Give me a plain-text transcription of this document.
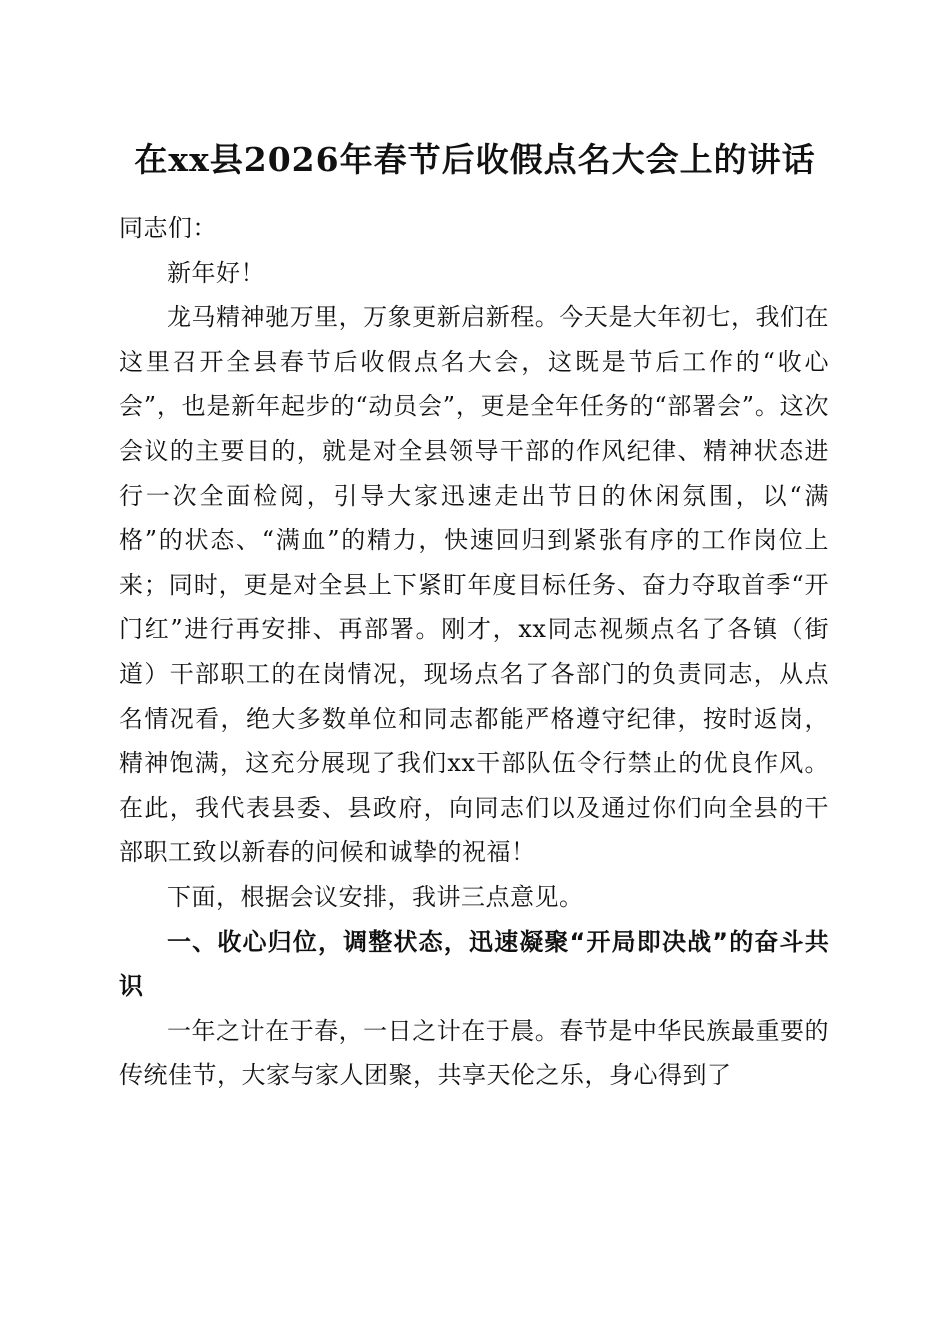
在xx县2026年春节后收假点名大会上的讲话

同志们：

新年好！

龙马精神驰万里，万象更新启新程。今天是大年初七，我们在这里召开全县春节后收假点名大会，这既是节后工作的“收心会”，也是新年起步的“动员会”，更是全年任务的“部署会”。这次会议的主要目的，就是对全县领导干部的作风纪律、精神状态进行一次全面检阅，引导大家迅速走出节日的休闲氛围，以“满格”的状态、“满血”的精力，快速回归到紧张有序的工作岗位上来；同时，更是对全县上下紧盯年度目标任务、奋力夺取首季“开门红”进行再安排、再部署。刚才，xx同志视频点名了各镇（街道）干部职工的在岗情况，现场点名了各部门的负责同志，从点名情况看，绝大多数单位和同志都能严格遵守纪律，按时返岗，精神饱满，这充分展现了我们xx干部队伍令行禁止的优良作风。在此，我代表县委、县政府，向同志们以及通过你们向全县的干部职工致以新春的问候和诚挚的祝福！

下面，根据会议安排，我讲三点意见。

一、收心归位，调整状态，迅速凝聚“开局即决战”的奋斗共识

一年之计在于春，一日之计在于晨。春节是中华民族最重要的传统佳节，大家与家人团聚，共享天伦之乐，身心得到了
